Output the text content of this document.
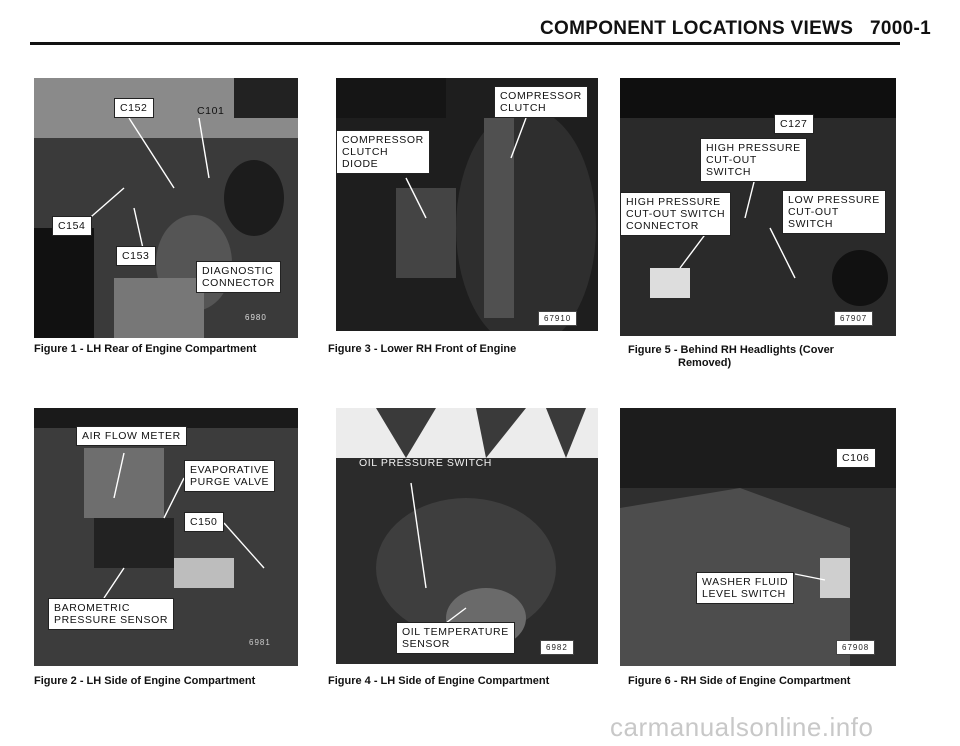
COMPONENT LOCATIONS VIEWS 7000-1
C152	C101
C154
C153
DIAGNOSTIC
CONNECTOR
6980
Figure 1 - LH Rear of Engine Compartment
COMPRESSOR
CLUTCH
COMPRESSOR
CLUTCH
DIODE
67910
Figure 3 - Lower RH Front of Engine
C127
HIGH PRESSURE
CUT-OUT
SWITCH
HIGH PRESSURE
CUT-OUT SWITCH
CONNECTOR
LOW PRESSURE
CUT-OUT
SWITCH
67907
Figure 5 - Behind RH Headlights (Cover
Removed)
AIR FLOW METER
EVAPORATIVE
PURGE VALVE
C150
BAROMETRIC
PRESSURE SENSOR
6981
Figure 2 - LH Side of Engine Compartment
OIL PRESSURE SWITCH
OIL TEMPERATURE
SENSOR	6982
Figure 4 - LH Side of Engine Compartment
C106
WASHER FLUID
LEVEL SWITCH
67908
Figure 6 - RH Side of Engine Compartment
carmanualsonline.info
